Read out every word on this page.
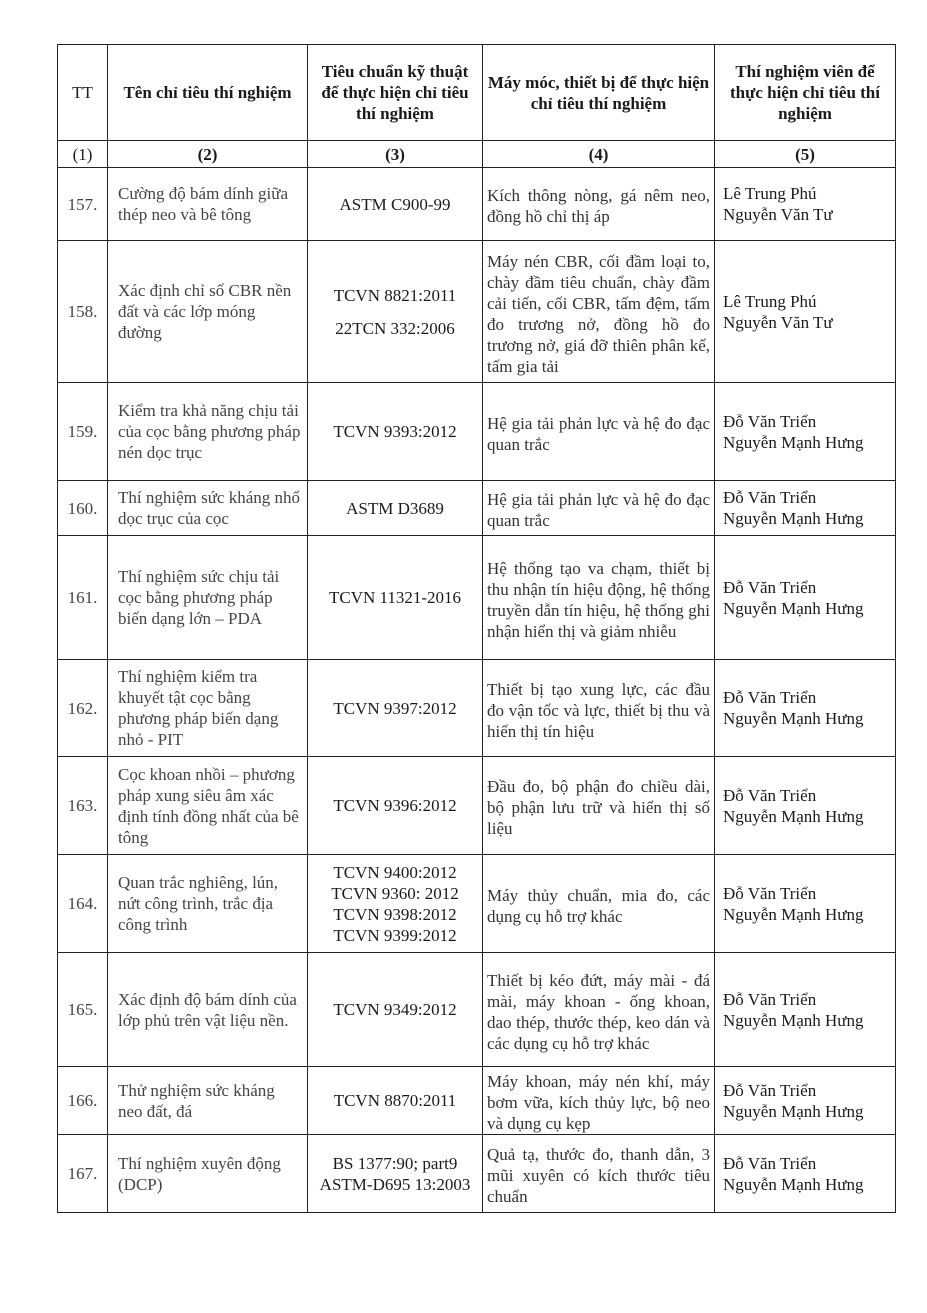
TT	Tên chỉ tiêu thí nghiệm	Tiêu chuẩn kỹ thuật để thực hiện chỉ tiêu thí nghiệm	Máy móc, thiết bị để thực hiện chỉ tiêu thí nghiệm	Thí nghiệm viên để thực hiện chỉ tiêu thí nghiệm
(1)	(2)	(3)	(4)	(5)
157.	Cường độ bám dính giữa thép neo và bê tông	ASTM C900-99	Kích thông nòng, gá nêm neo, đồng hồ chỉ thị áp	Lê Trung Phú
Nguyễn Văn Tư

158.	Xác định chỉ số CBR nền đất và các lớp móng đường	TCVN 8821:2011
22TCN 332:2006	Máy nén CBR, cối đầm loại to, chày đầm tiêu chuẩn, chày đầm cải tiến, cối CBR, tấm đệm, tấm đo trương nở, đồng hồ đo trương nở, giá đỡ thiên phân kế, tấm gia tải	Lê Trung Phú
Nguyễn Văn Tư

159.	Kiểm tra khả năng chịu tải của cọc bằng phương pháp nén dọc trục	TCVN 9393:2012	Hệ gia tải phản lực và hệ đo đạc quan trắc	Đỗ Văn Triển
Nguyễn Mạnh Hưng

160.	Thí nghiệm sức kháng nhổ dọc trục của cọc	ASTM D3689	Hệ gia tải phản lực và hệ đo đạc quan trắc	Đỗ Văn Triển
Nguyễn Mạnh Hưng

161.	Thí nghiệm sức chịu tải cọc bằng phương pháp biến dạng lớn – PDA	TCVN 11321-2016	Hệ thống tạo va chạm, thiết bị thu nhận tín hiệu động, hệ thống truyền dẫn tín hiệu, hệ thống ghi nhận hiển thị và giảm nhiễu	Đỗ Văn Triển
Nguyễn Mạnh Hưng

162.	Thí nghiệm kiểm tra khuyết tật cọc bằng phương pháp biến dạng nhỏ - PIT	TCVN 9397:2012	Thiết bị tạo xung lực, các đầu đo vận tốc và lực, thiết bị thu và hiển thị tín hiệu	Đỗ Văn Triển
Nguyễn Mạnh Hưng

163.	Cọc khoan nhồi – phương pháp xung siêu âm xác định tính đồng nhất của bê tông	TCVN 9396:2012	Đầu đo, bộ phận đo chiều dài, bộ phận lưu trữ và hiển thị số liệu	Đỗ Văn Triển
Nguyễn Mạnh Hưng

164.	Quan trắc nghiêng, lún, nứt công trình, trắc địa công trình	TCVN 9400:2012
TCVN 9360: 2012
TCVN 9398:2012
TCVN 9399:2012	Máy thủy chuẩn, mia đo, các dụng cụ hỗ trợ khác	Đỗ Văn Triển
Nguyễn Mạnh Hưng

165.	Xác định độ bám dính của lớp phủ trên vật liệu nền.	TCVN 9349:2012	Thiết bị kéo đứt, máy mài - đá mài, máy khoan - ống khoan, dao thép, thước thép, keo dán và các dụng cụ hỗ trợ khác	Đỗ Văn Triển
Nguyễn Mạnh Hưng

166.	Thử nghiệm sức kháng neo đất, đá	TCVN 8870:2011	Máy khoan, máy nén khí, máy bơm vữa, kích thủy lực, bộ neo và dụng cụ kẹp	Đỗ Văn Triển
Nguyễn Mạnh Hưng

167.	Thí nghiệm xuyên động (DCP)	BS 1377:90; part9
ASTM-D695 13:2003	Quả tạ, thước đo, thanh dẫn, 3 mũi xuyên có kích thước tiêu chuẩn	Đỗ Văn Triển
Nguyễn Mạnh Hưng
